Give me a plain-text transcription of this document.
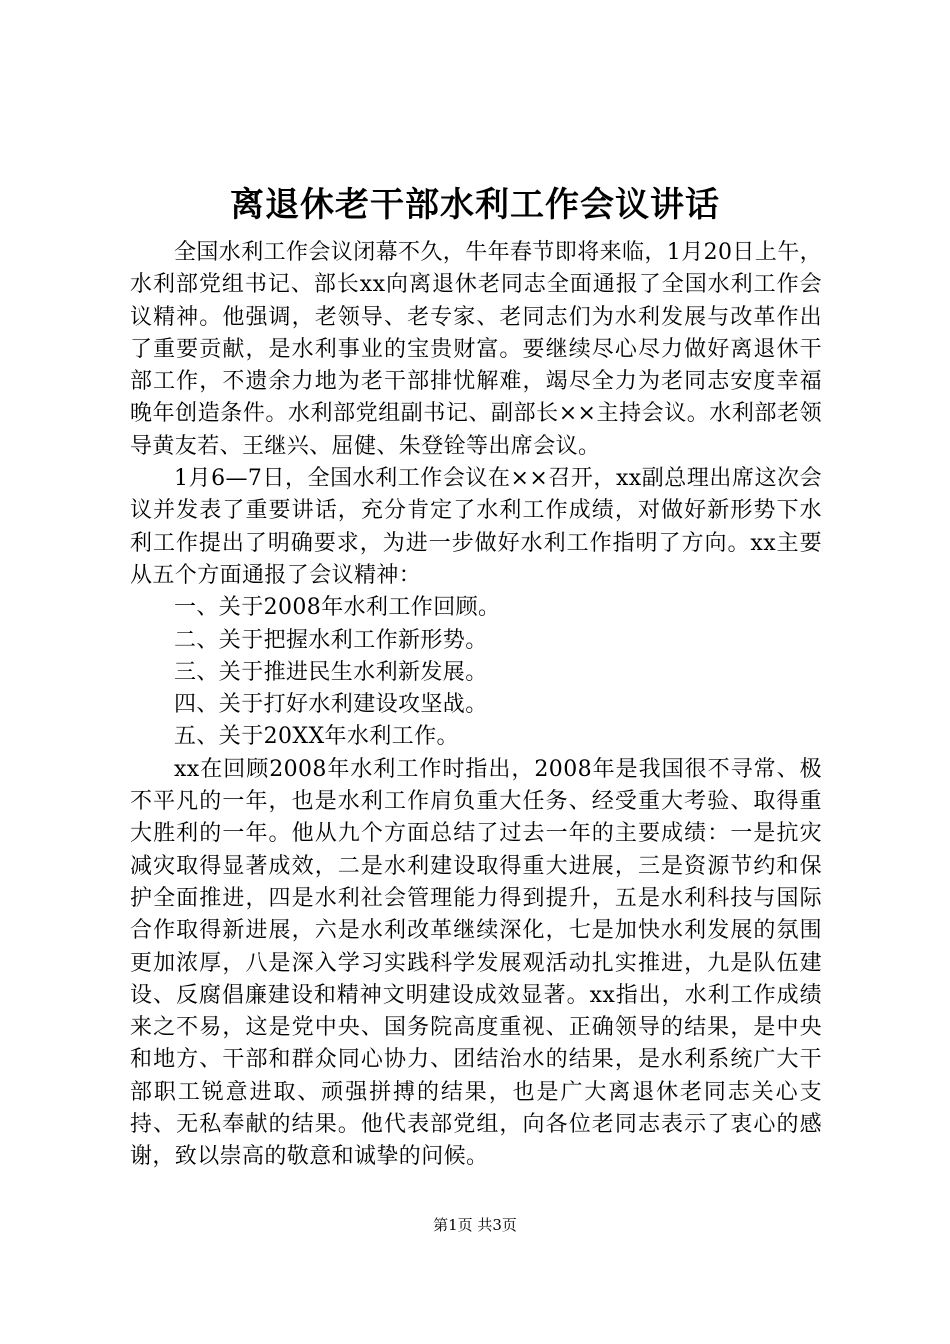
离退休老干部水利工作会议讲话

全国水利工作会议闭幕不久，牛年春节即将来临，1月20日上午，水利部党组书记、部长xx向离退休老同志全面通报了全国水利工作会议精神。他强调，老领导、老专家、老同志们为水利发展与改革作出了重要贡献，是水利事业的宝贵财富。要继续尽心尽力做好离退休干部工作，不遗余力地为老干部排忧解难，竭尽全力为老同志安度幸福晚年创造条件。水利部党组副书记、副部长××主持会议。水利部老领导黄友若、王继兴、屈健、朱登铨等出席会议。

1月6—7日，全国水利工作会议在××召开，xx副总理出席这次会议并发表了重要讲话，充分肯定了水利工作成绩，对做好新形势下水利工作提出了明确要求，为进一步做好水利工作指明了方向。xx主要从五个方面通报了会议精神：

一、关于2008年水利工作回顾。

二、关于把握水利工作新形势。

三、关于推进民生水利新发展。

四、关于打好水利建设攻坚战。

五、关于20XX年水利工作。

xx在回顾2008年水利工作时指出，2008年是我国很不寻常、极不平凡的一年，也是水利工作肩负重大任务、经受重大考验、取得重大胜利的一年。他从九个方面总结了过去一年的主要成绩：一是抗灾减灾取得显著成效，二是水利建设取得重大进展，三是资源节约和保护全面推进，四是水利社会管理能力得到提升，五是水利科技与国际合作取得新进展，六是水利改革继续深化，七是加快水利发展的氛围更加浓厚，八是深入学习实践科学发展观活动扎实推进，九是队伍建设、反腐倡廉建设和精神文明建设成效显著。xx指出，水利工作成绩来之不易，这是党中央、国务院高度重视、正确领导的结果，是中央和地方、干部和群众同心协力、团结治水的结果，是水利系统广大干部职工锐意进取、顽强拼搏的结果，也是广大离退休老同志关心支持、无私奉献的结果。他代表部党组，向各位老同志表示了衷心的感谢，致以崇高的敬意和诚挚的问候。

第1页 共3页
